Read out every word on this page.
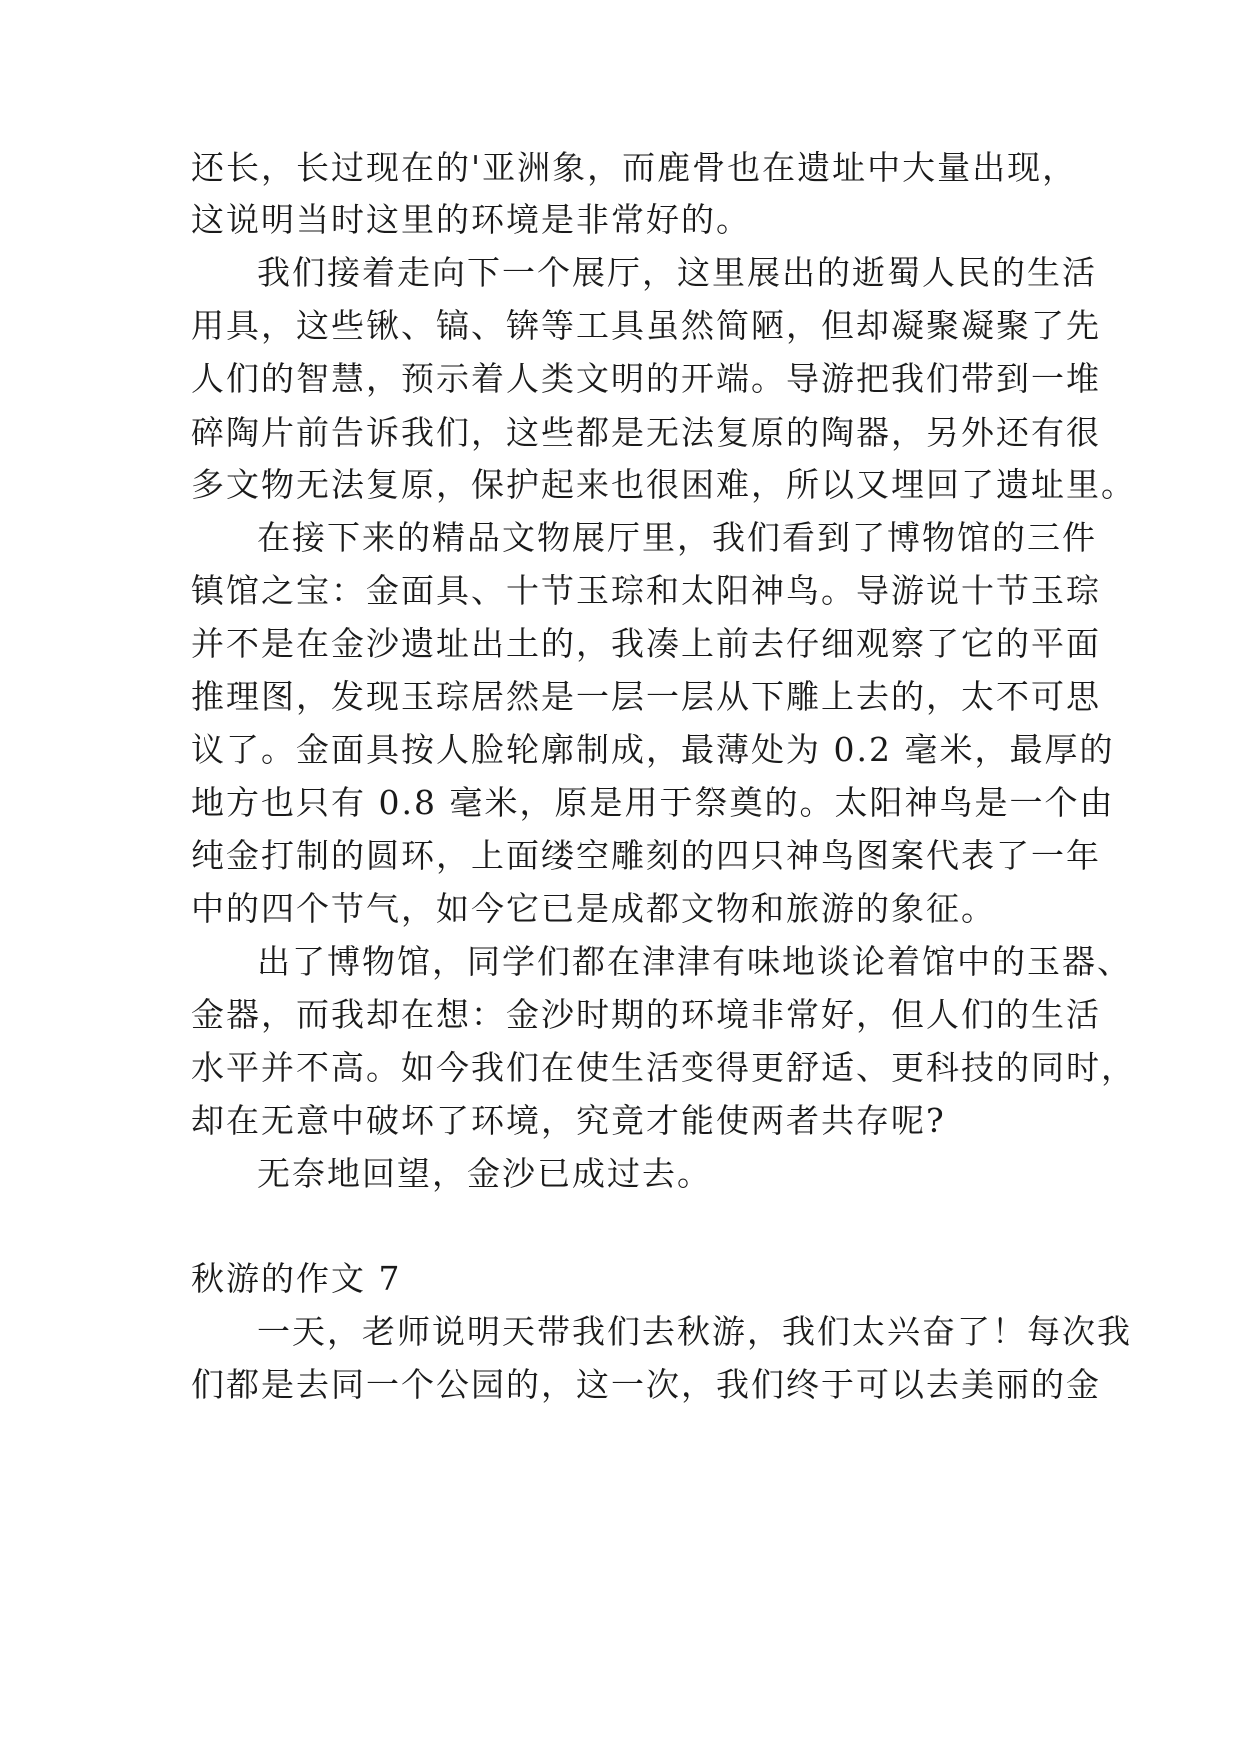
还长，长过现在的'亚洲象，而鹿骨也在遗址中大量出现，
这说明当时这里的环境是非常好的。
我们接着走向下一个展厅，这里展出的逝蜀人民的生活
用具，这些锹、镐、锛等工具虽然简陋，但却凝聚凝聚了先
人们的智慧，预示着人类文明的开端。导游把我们带到一堆
碎陶片前告诉我们，这些都是无法复原的陶器，另外还有很
多文物无法复原，保护起来也很困难，所以又埋回了遗址里。
在接下来的精品文物展厅里，我们看到了博物馆的三件
镇馆之宝：金面具、十节玉琮和太阳神鸟。导游说十节玉琮
并不是在金沙遗址出土的，我凑上前去仔细观察了它的平面
推理图，发现玉琮居然是一层一层从下雕上去的，太不可思
议了。金面具按人脸轮廓制成，最薄处为 0.2 毫米，最厚的
地方也只有 0.8 毫米，原是用于祭奠的。太阳神鸟是一个由
纯金打制的圆环，上面缕空雕刻的四只神鸟图案代表了一年
中的四个节气，如今它已是成都文物和旅游的象征。
出了博物馆，同学们都在津津有味地谈论着馆中的玉器、
金器，而我却在想：金沙时期的环境非常好，但人们的生活
水平并不高。如今我们在使生活变得更舒适、更科技的同时，
却在无意中破坏了环境，究竟才能使两者共存呢?
无奈地回望，金沙已成过去。
秋游的作文 7
一天，老师说明天带我们去秋游，我们太兴奋了！每次我
们都是去同一个公园的，这一次，我们终于可以去美丽的金
